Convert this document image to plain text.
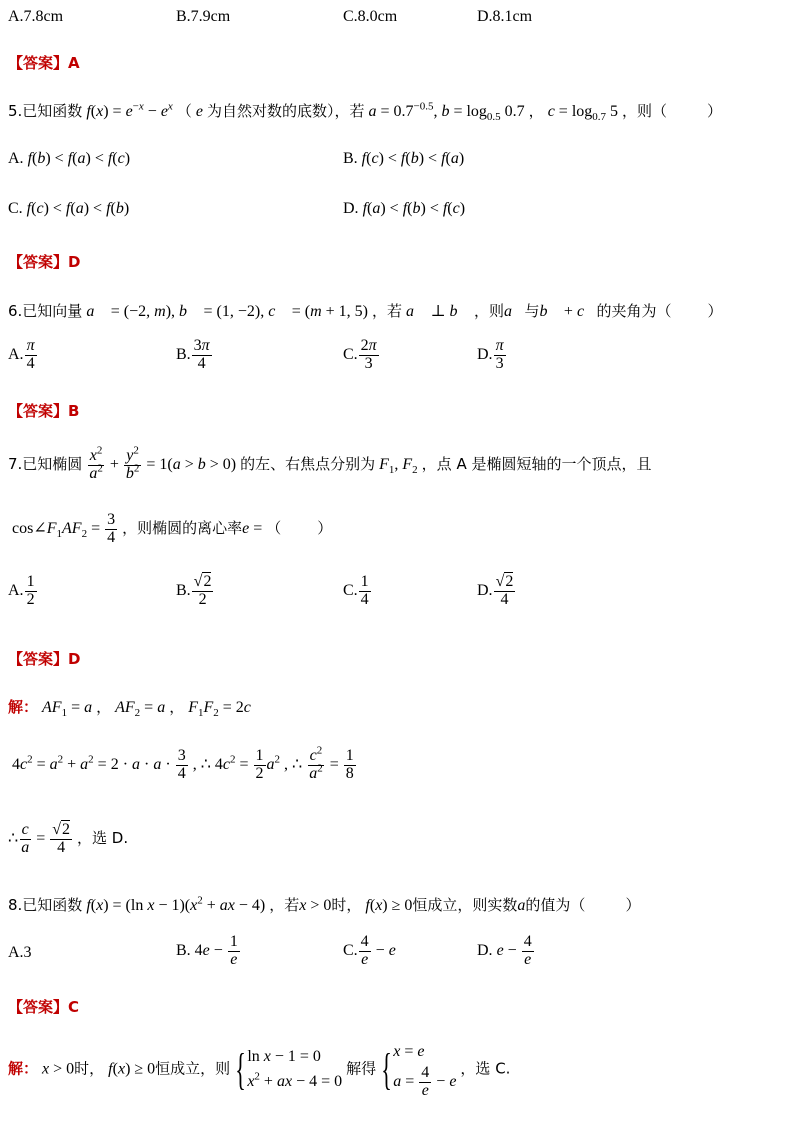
A.7.8cm	B.7.9cm	C.8.0cm	D.8.1cm
【答案】A
5.已知函数 $f(x) = e^{-x} - e^x$ （ e 为自然对数的底数），若 $a = 0.7^{-0.5}$, $b = \log_{0.5} 0.7$ ， $c = \log_{0.7} 5$ ，则（	）
A. f(b) < f(a) < f(c)	B. f(c) < f(b) < f(a)
C. f(c) < f(a) < f(b)	D. f(a) < f(b) < f(c)
【答案】D
6.已知向量 a⃗ = (−2, m), b⃗ = (1, −2), c⃗ = (m + 1, 5) ，若 a⃗ ⊥ b⃗ ，则a⃗与b⃗ + c⃗的夹角为（ ）
A. $\frac{\pi}{4}$	B. $\frac{3\pi}{4}$	C. $\frac{2\pi}{3}$	D. $\frac{\pi}{3}$
【答案】B
7.已知椭圆 $\frac{x^2}{a^2} + \frac{y^2}{b^2} = 1(a > b > 0)$ 的左、右焦点分别为 $F_1$, $F_2$ ，点 A 是椭圆短轴的一个顶点，且
$\cos\angle F_1AF_2 = \frac{3}{4}$ ，则椭圆的离心率e = （ ）
A. $\frac{1}{2}$	B. $\frac{√2}{2}$	C. $\frac{1}{4}$	D. $\frac{√2}{4}$
【答案】D
解： $AF_1 = a$ ， $AF_2 = a$ ， $F_1F_2 = 2c$
$4c^2 = a^2 + a^2 = 2 \cdot a \cdot a \cdot \frac{3}{4}$ , ∴ $4c^2 = \frac{1}{2} a^2$ , ∴ $\frac{c^2}{a^2} = \frac{1}{8}$
∴ $\frac{c}{a} = \frac{√2}{4}$ ，选 D.
8.已知函数 f(x) = (ln $x - 1)(x^2$ + ax − 4) ，若x > 0时， f(x) ≥ 0恒成立，则实数a的值为（	）
A.3	B. $4e - \frac{1}{e}$	C. $\frac{4}{e} - e$	D. $e - \frac{4}{e}$
【答案】C
解： x > 0时， f(x) ≥ 0恒成立，则 { ln x − 1 = 0
$x^2$ + ax − 4 = 0
解得 { x = e
$a = \frac{4}{e} - e$
，选 C.
